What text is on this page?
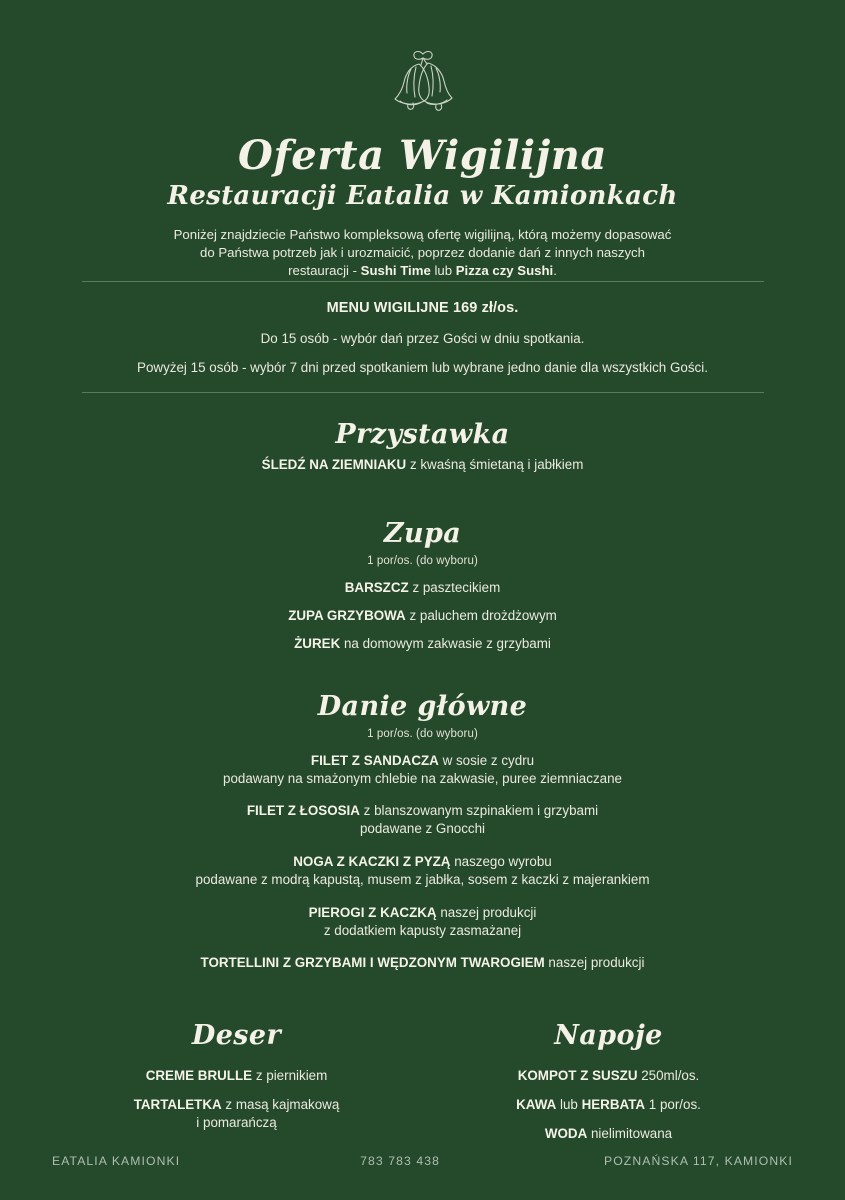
Oferta Wigilijna
Restauracji Eatalia w Kamionkach

Poniżej znajdziecie Państwo kompleksową ofertę wigilijną, którą możemy dopasować
do Państwa potrzeb jak i urozmaicić, poprzez dodanie dań z innych naszych
restauracji - Sushi Time lub Pizza czy Sushi.

MENU WIGILIJNE 169 zł/os.
Do 15 osób - wybór dań przez Gości w dniu spotkania.
Powyżej 15 osób - wybór 7 dni przed spotkaniem lub wybrane jedno danie dla wszystkich Gości.
Przystawka
ŚLEDŹ NA ZIEMNIAKU z kwaśną śmietaną i jabłkiem
Zupa
1 por/os. (do wyboru)
BARSZCZ z pasztecikiem
ZUPA GRZYBOWA z paluchem drożdżowym
ŻUREK na domowym zakwasie z grzybami
Danie główne
1 por/os. (do wyboru)
FILET Z SANDACZA w sosie z cydru
podawany na smażonym chlebie na zakwasie, puree ziemniaczane
FILET Z ŁOSOSIA z blanszowanym szpinakiem i grzybami
podawane z Gnocchi
NOGA Z KACZKI Z PYZĄ naszego wyrobu
podawane z modrą kapustą, musem z jabłka, sosem z kaczki z majerankiem
PIEROGI Z KACZKĄ naszej produkcji
z dodatkiem kapusty zasmażanej
TORTELLINI Z GRZYBAMI I WĘDZONYM TWAROGIEM naszej produkcji
Deser
CREME BRULLE z piernikiem
TARTALETKA z masą kajmakową
i pomarańczą
Napoje
KOMPOT Z SUSZU 250ml/os.
KAWA lub HERBATA 1 por/os.
WODA nielimitowana
EATALIA KAMIONKI	783 783 438	POZNAŃSKA 117, KAMIONKI
